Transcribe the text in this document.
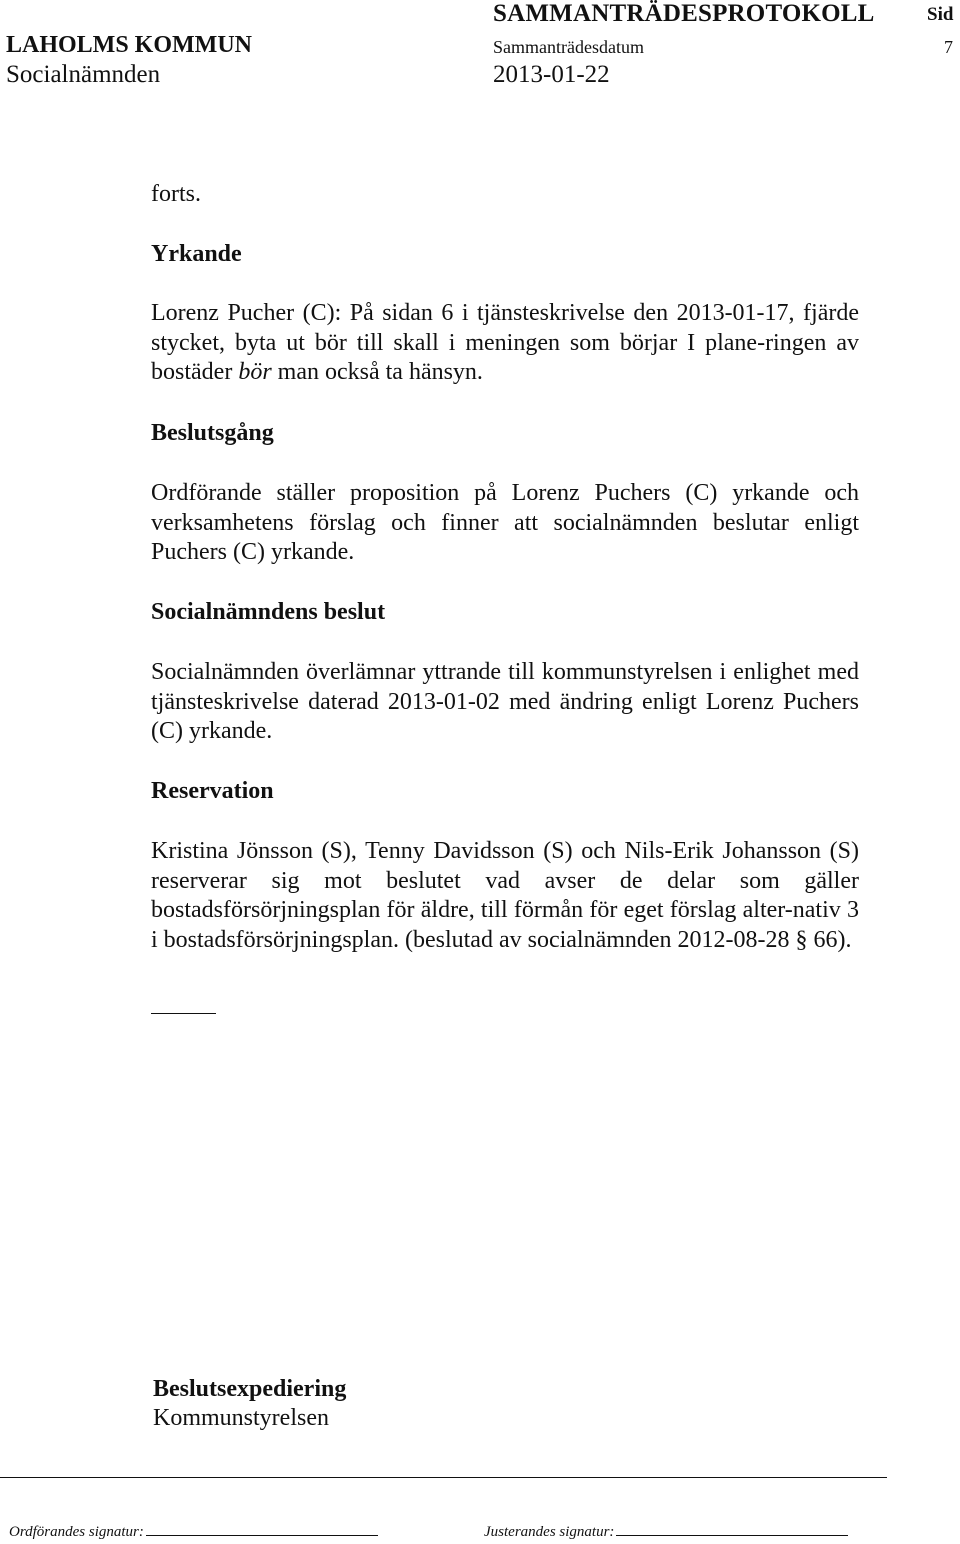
SAMMANTRÄDESPROTOKOLL	Sid
LAHOLMS KOMMUN	Sammanträdesdatum	7
Socialnämnden	2013-01-22

forts.

Yrkande
Lorenz Pucher (C): På sidan 6 i tjänsteskrivelse den 2013-01-17, fjärde stycket, byta ut bör till skall i meningen som börjar I plane-ringen av bostäder bör man också ta hänsyn.
Beslutsgång
Ordförande ställer proposition på Lorenz Puchers (C) yrkande och verksamhetens förslag och finner att socialnämnden beslutar enligt Puchers (C) yrkande.
Socialnämndens beslut
Socialnämnden överlämnar yttrande till kommunstyrelsen i enlighet med tjänsteskrivelse daterad 2013-01-02 med ändring enligt Lorenz Puchers (C) yrkande.
Reservation
Kristina Jönsson (S), Tenny Davidsson (S) och Nils-Erik Johansson (S) reserverar sig mot beslutet vad avser de delar som gäller bostadsförsörjningsplan för äldre, till förmån för eget förslag alter-nativ 3 i bostadsförsörjningsplan. (beslutad av socialnämnden 2012-08-28 § 66).
Beslutsexpediering
Kommunstyrelsen
Ordförandes signatur:	Justerandes signatur:
